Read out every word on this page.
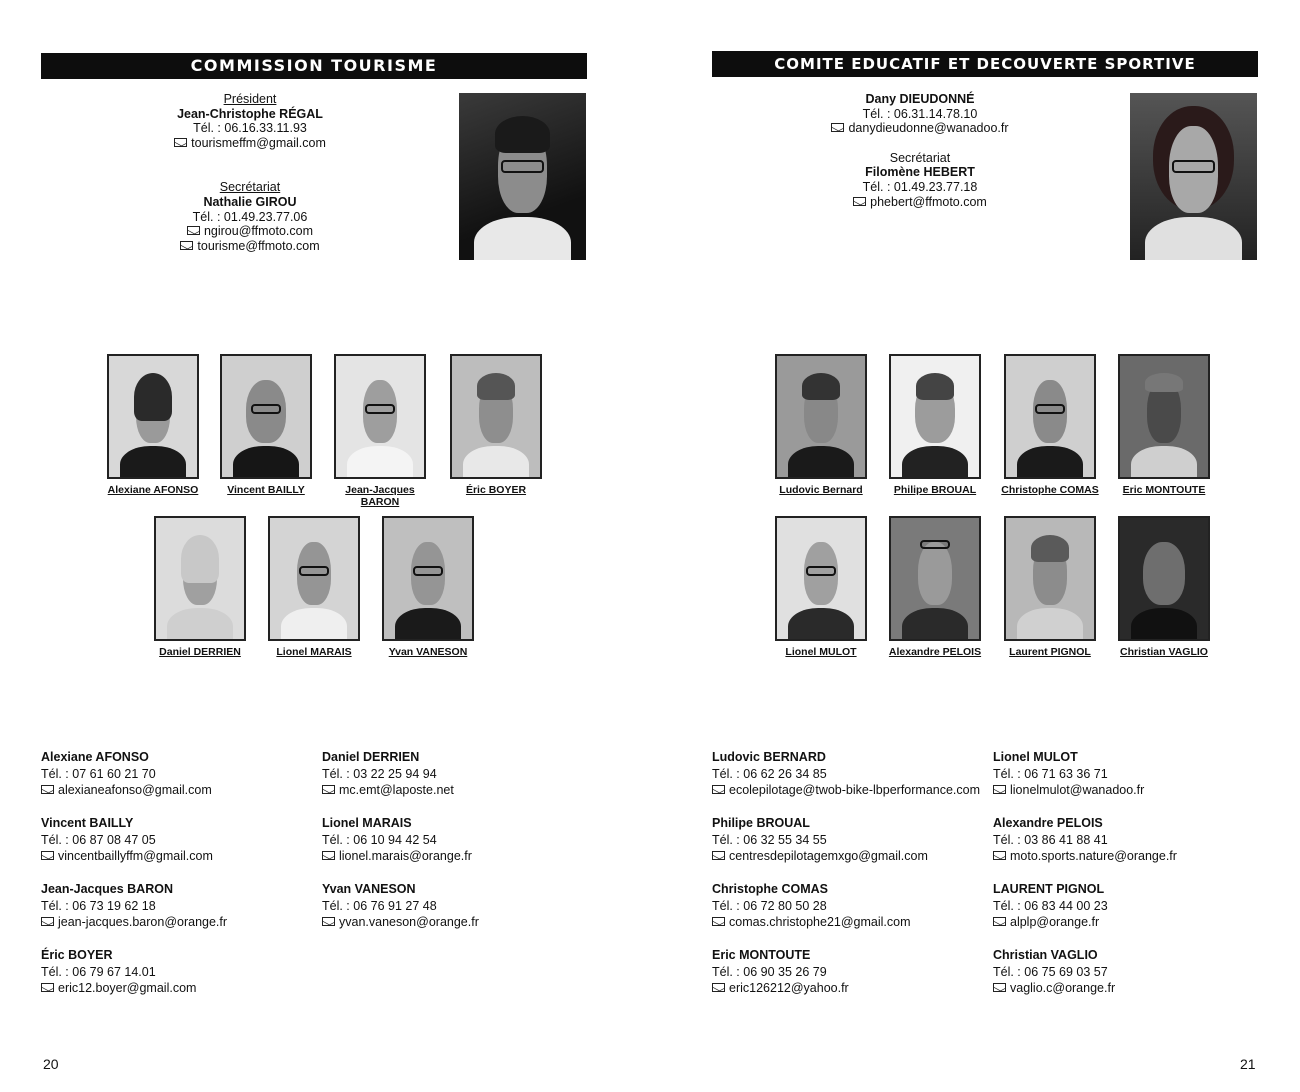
COMMISSION TOURISME
Président
Jean-Christophe RÉGAL
Tél. : 06.16.33.11.93
tourismeffm@gmail.com
Secrétariat
Nathalie GIROU
Tél. : 01.49.23.77.06
ngirou@ffmoto.com
tourisme@ffmoto.com
Alexiane AFONSO	Vincent BAILLY	Jean-Jacques BARON
Éric BOYER
Daniel DERRIEN	Lionel MARAIS	Yvan VANESON
Alexiane AFONSO
Tél. : 07 61 60 21 70
alexianeafonso@gmail.com
Vincent BAILLY
Tél. : 06 87 08 47 05
vincentbaillyffm@gmail.com
Jean-Jacques BARON
Tél. : 06 73 19 62 18
jean-jacques.baron@orange.fr
Éric BOYER
Tél. : 06 79 67 14.01
eric12.boyer@gmail.com
Daniel DERRIEN
Tél. : 03 22 25 94 94
mc.emt@laposte.net
Lionel MARAIS
Tél. : 06 10 94 42 54
lionel.marais@orange.fr
Yvan VANESON
Tél. : 06 76 91 27 48
yvan.vaneson@orange.fr
20
COMITE EDUCATIF ET DECOUVERTE SPORTIVE
Dany DIEUDONNÉ
Tél. : 06.31.14.78.10
danydieudonne@wanadoo.fr
Secrétariat
Filomène HEBERT
Tél. : 01.49.23.77.18
phebert@ffmoto.com
Ludovic Bernard	Philipe BROUAL	Christophe COMAS	Eric MONTOUTE
Lionel MULOT	Alexandre PELOIS	Laurent PIGNOL	Christian VAGLIO
Ludovic BERNARD
Tél. : 06 62 26 34 85
ecolepilotage@twob-bike-lbperformance.com
Philipe BROUAL
Tél. : 06 32 55 34 55
centresdepilotagemxgo@gmail.com
Christophe COMAS
Tél. : 06 72 80 50 28
comas.christophe21@gmail.com
Eric MONTOUTE
Tél. : 06 90 35 26 79
eric126212@yahoo.fr
Lionel MULOT
Tél. : 06 71 63 36 71
lionelmulot@wanadoo.fr
Alexandre PELOIS
Tél. : 03 86 41 88 41
moto.sports.nature@orange.fr
LAURENT PIGNOL
Tél. : 06 83 44 00 23
alplp@orange.fr
Christian VAGLIO
Tél. : 06 75 69 03 57
vaglio.c@orange.fr
21
